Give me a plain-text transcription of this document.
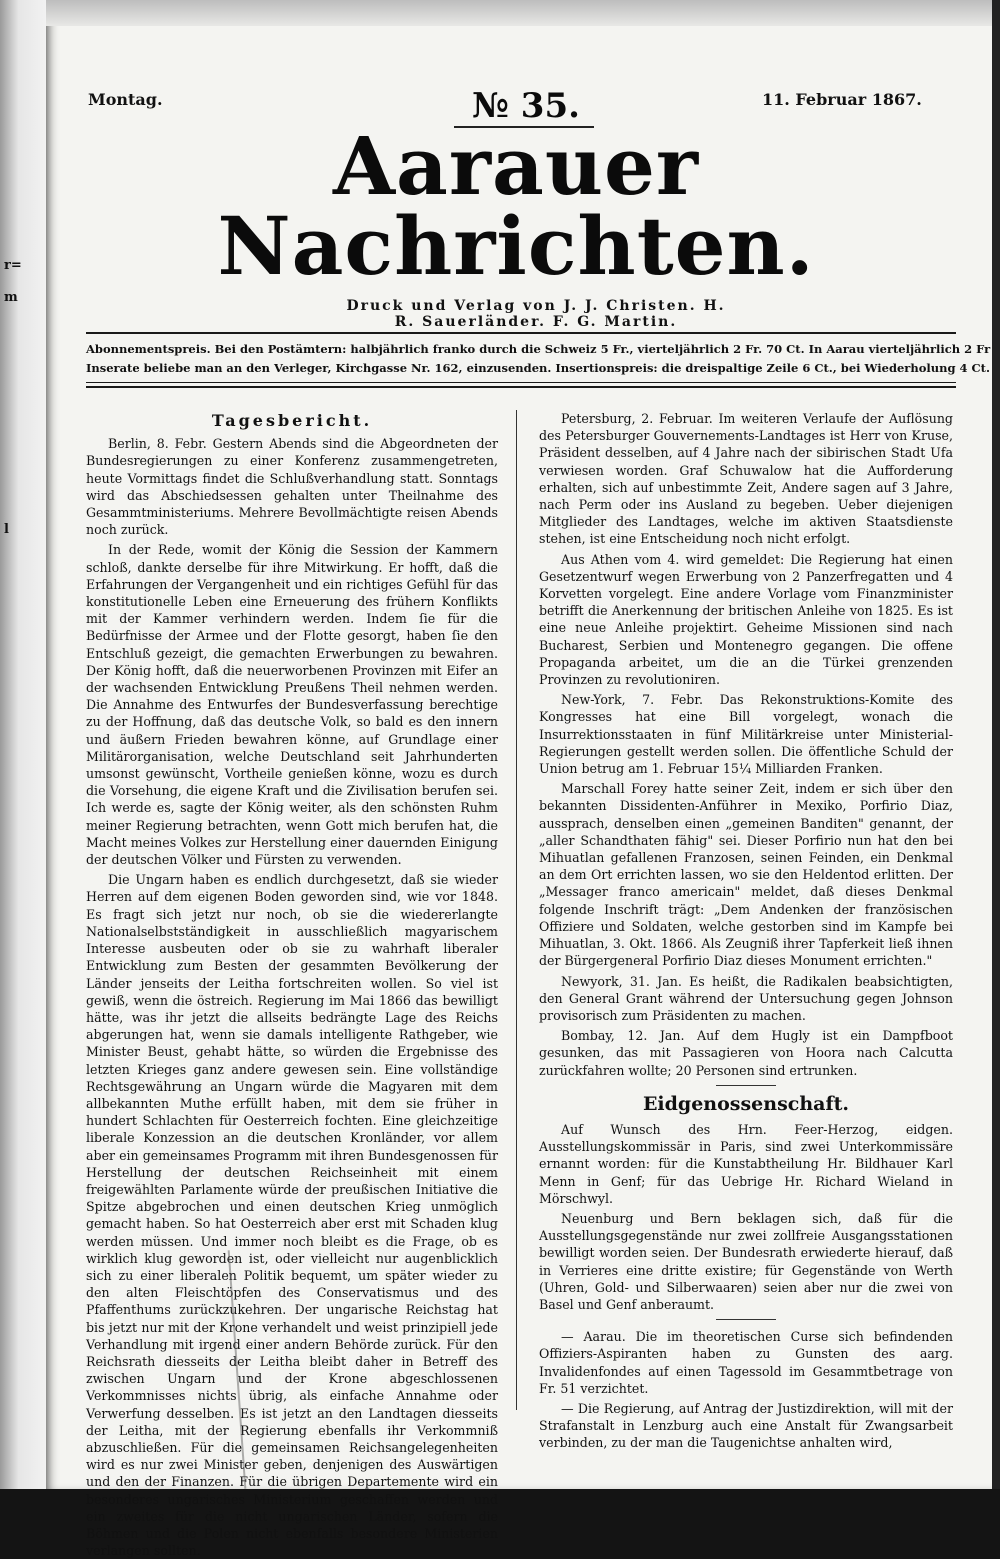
r=
m
l
Montag.	№ 35.	11. Februar 1867.
Aarauer Nachrichten.
Druck und Verlag von J. J. Christen. H. R. Sauerländer. F. G. Martin.
Abonnementspreis. Bei den Postämtern: halbjährlich franko durch die Schweiz 5 Fr., vierteljährlich 2 Fr. 70 Ct. In Aarau vierteljährlich 2 Fr
Inserate beliebe man an den Verleger, Kirchgasse Nr. 162, einzusenden. Insertionspreis: die dreispaltige Zeile 6 Ct., bei Wiederholung 4 Ct.
Tagesbericht.

Berlin, 8. Febr. Gestern Abends sind die Abgeordneten der Bundesregierungen zu einer Konferenz zusammengetreten, heute Vormittags findet die Schlußverhandlung statt. Sonntags wird das Abschiedsessen gehalten unter Theilnahme des Gesammtministeriums. Mehrere Bevollmächtigte reisen Abends noch zurück.

In der Rede, womit der König die Session der Kammern schloß, dankte derselbe für ihre Mitwirkung. Er hofft, daß die Erfahrungen der Vergangenheit und ein richtiges Gefühl für das konstitutionelle Leben eine Erneuerung des frühern Konflikts mit der Kammer verhindern werden. Indem ſie für die Bedürfnisse der Armee und der Flotte gesorgt, haben ſie den Entschluß gezeigt, die gemachten Erwerbungen zu bewahren. Der König hofft, daß die neuerworbenen Provinzen mit Eifer an der wachsenden Entwicklung Preußens Theil nehmen werden. Die Annahme des Entwurfes der Bundesverfassung berechtige zu der Hoffnung, daß das deutsche Volk, so bald es den innern und äußern Frieden bewahren könne, auf Grundlage einer Militärorganisation, welche Deutschland seit Jahrhunderten umsonst gewünscht, Vortheile genießen könne, wozu es durch die Vorsehung, die eigene Kraft und die Zivilisation berufen sei. Ich werde es, sagte der König weiter, als den schönsten Ruhm meiner Regierung betrachten, wenn Gott mich berufen hat, die Macht meines Volkes zur Herstellung einer dauernden Einigung der deutschen Völker und Fürsten zu verwenden.

Die Ungarn haben es endlich durchgesetzt, daß sie wieder Herren auf dem eigenen Boden geworden sind, wie vor 1848. Es fragt sich jetzt nur noch, ob sie die wiedererlangte Nationalselbstständigkeit in ausschließlich magyarischem Interesse ausbeuten oder ob sie zu wahrhaft liberaler Entwicklung zum Besten der gesammten Bevölkerung der Länder jenseits der Leitha fortschreiten wollen. So viel ist gewiß, wenn die östreich. Regierung im Mai 1866 das bewilligt hätte, was ihr jetzt die allseits bedrängte Lage des Reichs abgerungen hat, wenn sie damals intelligente Rathgeber, wie Minister Beust, gehabt hätte, so würden die Ergebnisse des letzten Krieges ganz andere gewesen sein. Eine vollständige Rechtsgewährung an Ungarn würde die Magyaren mit dem allbekannten Muthe erfüllt haben, mit dem sie früher in hundert Schlachten für Oesterreich fochten. Eine gleichzeitige liberale Konzession an die deutschen Kronländer, vor allem aber ein gemeinsames Programm mit ihren Bundesgenossen für Herstellung der deutschen Reichseinheit mit einem freigewählten Parlamente würde der preußischen Initiative die Spitze abgebrochen und einen deutschen Krieg unmöglich gemacht haben. So hat Oesterreich aber erst mit Schaden klug werden müssen. Und immer noch bleibt es die Frage, ob es wirklich klug geworden ist, oder vielleicht nur augenblicklich sich zu einer liberalen Politik bequemt, um später wieder zu den alten Fleischtöpfen des Conservatismus und des Pfaffenthums zurückzukehren. Der ungarische Reichstag hat bis jetzt nur mit der Krone verhandelt und weist prinzipiell jede Verhandlung mit irgend einer andern Behörde zurück. Für den Reichsrath diesseits der Leitha bleibt daher in Betreff des zwischen Ungarn und der Krone abgeschlossenen Verkommnisses nichts übrig, als einfache Annahme oder Verwerfung desselben. Es ist jetzt an den Landtagen diesseits der Leitha, mit der Regierung ebenfalls ihr Verkommniß abzuschließen. Für die gemeinsamen Reichsangelegenheiten wird es nur zwei Minister geben, denjenigen des Auswärtigen und den der Finanzen. Für die übrigen Departemente wird ein besonderes ungarisches Ministerium geschaffen werden und ein zweites für die nicht ungarischen Länder, sofern die Böhmen und die Polen nicht ebenfalls besondere Ministerien verlangen sollten.

Petersburg, 2. Februar. Im weiteren Verlaufe der Auflösung des Petersburger Gouvernements-Landtages ist Herr von Kruse, Präsident desselben, auf 4 Jahre nach der sibirischen Stadt Ufa verwiesen worden. Graf Schuwalow hat die Aufforderung erhalten, sich auf unbestimmte Zeit, Andere sagen auf 3 Jahre, nach Perm oder ins Ausland zu begeben. Ueber diejenigen Mitglieder des Landtages, welche im aktiven Staatsdienste stehen, ist eine Entscheidung noch nicht erfolgt.

Aus Athen vom 4. wird gemeldet: Die Regierung hat einen Gesetzentwurf wegen Erwerbung von 2 Panzerfregatten und 4 Korvetten vorgelegt. Eine andere Vorlage vom Finanzminister betrifft die Anerkennung der britischen Anleihe von 1825. Es ist eine neue Anleihe projektirt. Geheime Missionen sind nach Bucharest, Serbien und Montenegro gegangen. Die offene Propaganda arbeitet, um die an die Türkei grenzenden Provinzen zu revolutioniren.

New-York, 7. Febr. Das Rekonstruktions-Komite des Kongresses hat eine Bill vorgelegt, wonach die Insurrektionsstaaten in fünf Militärkreise unter Ministerial-Regierungen gestellt werden sollen. Die öffentliche Schuld der Union betrug am 1. Februar 15¼ Milliarden Franken.

Marschall Forey hatte seiner Zeit, indem er sich über den bekannten Dissidenten-Anführer in Mexiko, Porfirio Diaz, aussprach, denselben einen „gemeinen Banditen" genannt, der „aller Schandthaten fähig" sei. Dieser Porfirio nun hat den bei Mihuatlan gefallenen Franzosen, seinen Feinden, ein Denkmal an dem Ort errichten lassen, wo sie den Heldentod erlitten. Der „Messager franco americain" meldet, daß dieses Denkmal folgende Inschrift trägt: „Dem Andenken der französischen Offiziere und Soldaten, welche gestorben sind im Kampfe bei Mihuatlan, 3. Okt. 1866. Als Zeugniß ihrer Tapferkeit ließ ihnen der Bürgergeneral Porfirio Diaz dieses Monument errichten."

Newyork, 31. Jan. Es heißt, die Radikalen beabsichtigten, den General Grant während der Untersuchung gegen Johnson provisorisch zum Präsidenten zu machen.

Bombay, 12. Jan. Auf dem Hugly ist ein Dampfboot gesunken, das mit Passagieren von Hoora nach Calcutta zurückfahren wollte; 20 Personen sind ertrunken.

Eidgenossenschaft.

Auf Wunsch des Hrn. Feer-Herzog, eidgen. Ausstellungskommissär in Paris, sind zwei Unterkommissäre ernannt worden: für die Kunstabtheilung Hr. Bildhauer Karl Menn in Genf; für das Uebrige Hr. Richard Wieland in Mörschwyl.

Neuenburg und Bern beklagen sich, daß für die Ausstellungsgegenstände nur zwei zollfreie Ausgangsstationen bewilligt worden seien. Der Bundesrath erwiederte hierauf, daß in Verrieres eine dritte existire; für Gegenstände von Werth (Uhren, Gold- und Silberwaaren) seien aber nur die zwei von Basel und Genf anberaumt.

— Aarau. Die im theoretischen Curse sich befindenden Offiziers-Aspiranten haben zu Gunsten des aarg. Invalidenfondes auf einen Tagessold im Gesammtbetrage von Fr. 51 verzichtet.

— Die Regierung, auf Antrag der Justizdirektion, will mit der Strafanstalt in Lenzburg auch eine Anstalt für Zwangsarbeit verbinden, zu der man die Taugenichtse anhalten wird,
